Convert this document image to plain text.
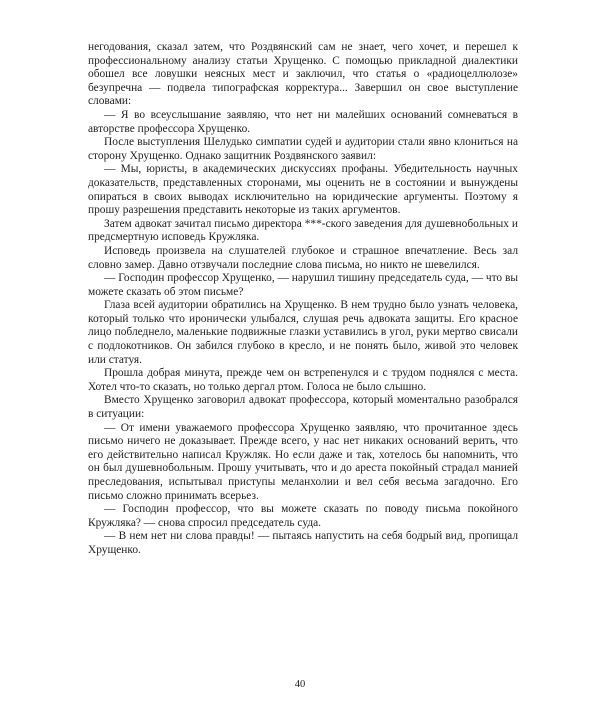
негодования, сказал затем, что Роздвянский сам не знает, чего хочет, и перешел к профессиональному анализу статьи Хрущенко. С помощью прикладной диалектики обошел все ловушки неясных мест и заключил, что статья о «радиоцеллюлозе» безупречна — подвела типографская корректура... Завершил он свое выступление словами:

— Я во всеуслышание заявляю, что нет ни малейших оснований сомневаться в авторстве профессора Хрущенко.

После выступления Шелудько симпатии судей и аудитории стали явно клониться на сторону Хрущенко. Однако защитник Роздвянского заявил:

— Мы, юристы, в академических дискуссиях профаны. Убедительность научных доказательств, представленных сторонами, мы оценить не в состоянии и вынуждены опираться в своих выводах исключительно на юридические аргументы. Поэтому я прошу разрешения представить некоторые из таких аргументов.

Затем адвокат зачитал письмо директора ***-ского заведения для душевнобольных и предсмертную исповедь Кружляка.

Исповедь произвела на слушателей глубокое и страшное впечатление. Весь зал словно замер. Давно отзвучали последние слова письма, но никто не шевелился.

— Господин профессор Хрущенко, — нарушил тишину председатель суда, — что вы можете сказать об этом письме?

Глаза всей аудитории обратились на Хрущенко. В нем трудно было узнать человека, который только что иронически улыбался, слушая речь адвоката защиты. Его красное лицо побледнело, маленькие подвижные глазки уставились в угол, руки мертво свисали с подлокотников. Он забился глубоко в кресло, и не понять было, живой это человек или статуя.

Прошла добрая минута, прежде чем он встрепенулся и с трудом поднялся с места. Хотел что-то сказать, но только дергал ртом. Голоса не было слышно.

Вместо Хрущенко заговорил адвокат профессора, который моментально разобрался в ситуации:

— От имени уважаемого профессора Хрущенко заявляю, что прочитанное здесь письмо ничего не доказывает. Прежде всего, у нас нет никаких оснований верить, что его действительно написал Кружляк. Но если даже и так, хотелось бы напомнить, что он был душевнобольным. Прошу учитывать, что и до ареста покойный страдал манией преследования, испытывал приступы меланхолии и вел себя весьма загадочно. Его письмо сложно принимать всерьез.

— Господин профессор, что вы можете сказать по поводу письма покойного Кружляка? — снова спросил председатель суда.

— В нем нет ни слова правды! — пытаясь напустить на себя бодрый вид, пропищал Хрущенко.

40
